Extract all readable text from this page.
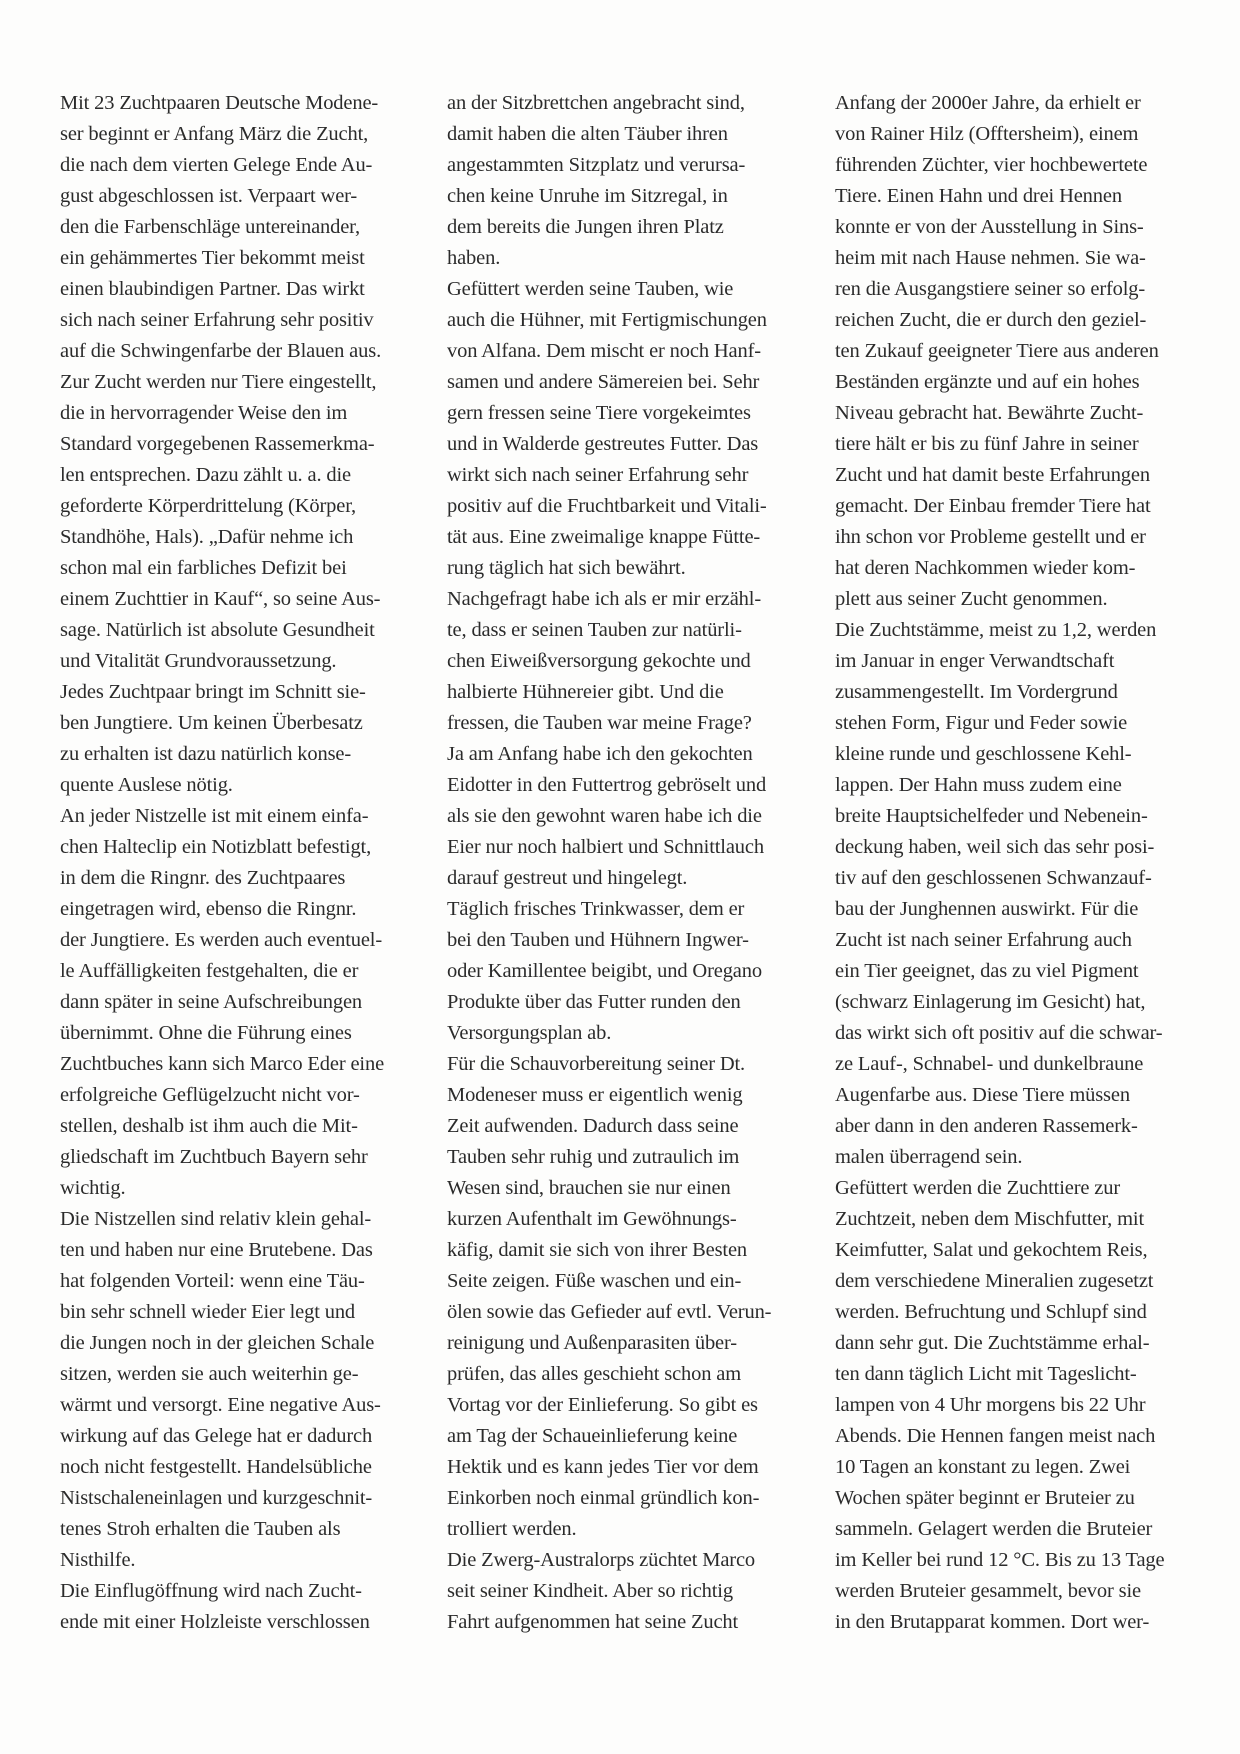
Mit 23 Zuchtpaaren Deutsche Modene-
ser beginnt er Anfang März die Zucht,
die nach dem vierten Gelege Ende Au-
gust abgeschlossen ist. Verpaart wer-
den die Farbenschläge untereinander,
ein gehämmertes Tier bekommt meist
einen blaubindigen Partner. Das wirkt
sich nach seiner Erfahrung sehr positiv
auf die Schwingenfarbe der Blauen aus.
Zur Zucht werden nur Tiere eingestellt,
die in hervorragender Weise den im
Standard vorgegebenen Rassemerkma-
len entsprechen. Dazu zählt u. a. die
geforderte Körperdrittelung (Körper,
Standhöhe, Hals). „Dafür nehme ich
schon mal ein farbliches Defizit bei
einem Zuchttier in Kauf“, so seine Aus-
sage. Natürlich ist absolute Gesundheit
und Vitalität Grundvoraussetzung.
Jedes Zuchtpaar bringt im Schnitt sie-
ben Jungtiere. Um keinen Überbesatz
zu erhalten ist dazu natürlich konse-
quente Auslese nötig.
An jeder Nistzelle ist mit einem einfa-
chen Halteclip ein Notizblatt befestigt,
in dem die Ringnr. des Zuchtpaares
eingetragen wird, ebenso die Ringnr.
der Jungtiere. Es werden auch eventuel-
le Auffälligkeiten festgehalten, die er
dann später in seine Aufschreibungen
übernimmt. Ohne die Führung eines
Zuchtbuches kann sich Marco Eder eine
erfolgreiche Geflügelzucht nicht vor-
stellen, deshalb ist ihm auch die Mit-
gliedschaft im Zuchtbuch Bayern sehr
wichtig.
Die Nistzellen sind relativ klein gehal-
ten und haben nur eine Brutebene. Das
hat folgenden Vorteil: wenn eine Täu-
bin sehr schnell wieder Eier legt und
die Jungen noch in der gleichen Schale
sitzen, werden sie auch weiterhin ge-
wärmt und versorgt. Eine negative Aus-
wirkung auf das Gelege hat er dadurch
noch nicht festgestellt. Handelsübliche
Nistschaleneinlagen und kurzgeschnit-
tenes Stroh erhalten die Tauben als
Nisthilfe.
Die Einflugöffnung wird nach Zucht-
ende mit einer Holzleiste verschlossen
an der Sitzbrettchen angebracht sind,
damit haben die alten Täuber ihren
angestammten Sitzplatz und verursa-
chen keine Unruhe im Sitzregal, in
dem bereits die Jungen ihren Platz
haben.
Gefüttert werden seine Tauben, wie
auch die Hühner, mit Fertigmischungen
von Alfana. Dem mischt er noch Hanf-
samen und andere Sämereien bei. Sehr
gern fressen seine Tiere vorgekeimtes
und in Walderde gestreutes Futter. Das
wirkt sich nach seiner Erfahrung sehr
positiv auf die Fruchtbarkeit und Vitali-
tät aus. Eine zweimalige knappe Fütte-
rung täglich hat sich bewährt.
Nachgefragt habe ich als er mir erzähl-
te, dass er seinen Tauben zur natürli-
chen Eiweißversorgung gekochte und
halbierte Hühnereier gibt. Und die
fressen, die Tauben war meine Frage?
Ja am Anfang habe ich den gekochten
Eidotter in den Futtertrog gebröselt und
als sie den gewohnt waren habe ich die
Eier nur noch halbiert und Schnittlauch
darauf gestreut und hingelegt.
Täglich frisches Trinkwasser, dem er
bei den Tauben und Hühnern Ingwer-
oder Kamillentee beigibt, und Oregano
Produkte über das Futter runden den
Versorgungsplan ab.
Für die Schauvorbereitung seiner Dt.
Modeneser muss er eigentlich wenig
Zeit aufwenden. Dadurch dass seine
Tauben sehr ruhig und zutraulich im
Wesen sind, brauchen sie nur einen
kurzen Aufenthalt im Gewöhnungs-
käfig, damit sie sich von ihrer Besten
Seite zeigen. Füße waschen und ein-
ölen sowie das Gefieder auf evtl. Verun-
reinigung und Außenparasiten über-
prüfen, das alles geschieht schon am
Vortag vor der Einlieferung. So gibt es
am Tag der Schaueinlieferung keine
Hektik und es kann jedes Tier vor dem
Einkorben noch einmal gründlich kon-
trolliert werden.
Die Zwerg-Australorps züchtet Marco
seit seiner Kindheit. Aber so richtig
Fahrt aufgenommen hat seine Zucht
Anfang der 2000er Jahre, da erhielt er
von Rainer Hilz (Offtersheim), einem
führenden Züchter, vier hochbewertete
Tiere. Einen Hahn und drei Hennen
konnte er von der Ausstellung in Sins-
heim mit nach Hause nehmen. Sie wa-
ren die Ausgangstiere seiner so erfolg-
reichen Zucht, die er durch den geziel-
ten Zukauf geeigneter Tiere aus anderen
Beständen ergänzte und auf ein hohes
Niveau gebracht hat. Bewährte Zucht-
tiere hält er bis zu fünf Jahre in seiner
Zucht und hat damit beste Erfahrungen
gemacht. Der Einbau fremder Tiere hat
ihn schon vor Probleme gestellt und er
hat deren Nachkommen wieder kom-
plett aus seiner Zucht genommen.
Die Zuchtstämme, meist zu 1,2, werden
im Januar in enger Verwandtschaft
zusammengestellt. Im Vordergrund
stehen Form, Figur und Feder sowie
kleine runde und geschlossene Kehl-
lappen. Der Hahn muss zudem eine
breite Hauptsichelfeder und Nebenein-
deckung haben, weil sich das sehr posi-
tiv auf den geschlossenen Schwanzauf-
bau der Junghennen auswirkt. Für die
Zucht ist nach seiner Erfahrung auch
ein Tier geeignet, das zu viel Pigment
(schwarz Einlagerung im Gesicht) hat,
das wirkt sich oft positiv auf die schwar-
ze Lauf-, Schnabel- und dunkelbraune
Augenfarbe aus. Diese Tiere müssen
aber dann in den anderen Rassemerk-
malen überragend sein.
Gefüttert werden die Zuchttiere zur
Zuchtzeit, neben dem Mischfutter, mit
Keimfutter, Salat und gekochtem Reis,
dem verschiedene Mineralien zugesetzt
werden. Befruchtung und Schlupf sind
dann sehr gut. Die Zuchtstämme erhal-
ten dann täglich Licht mit Tageslicht-
lampen von 4 Uhr morgens bis 22 Uhr
Abends. Die Hennen fangen meist nach
10 Tagen an konstant zu legen. Zwei
Wochen später beginnt er Bruteier zu
sammeln. Gelagert werden die Bruteier
im Keller bei rund 12 °C. Bis zu 13 Tage
werden Bruteier gesammelt, bevor sie
in den Brutapparat kommen. Dort wer-
